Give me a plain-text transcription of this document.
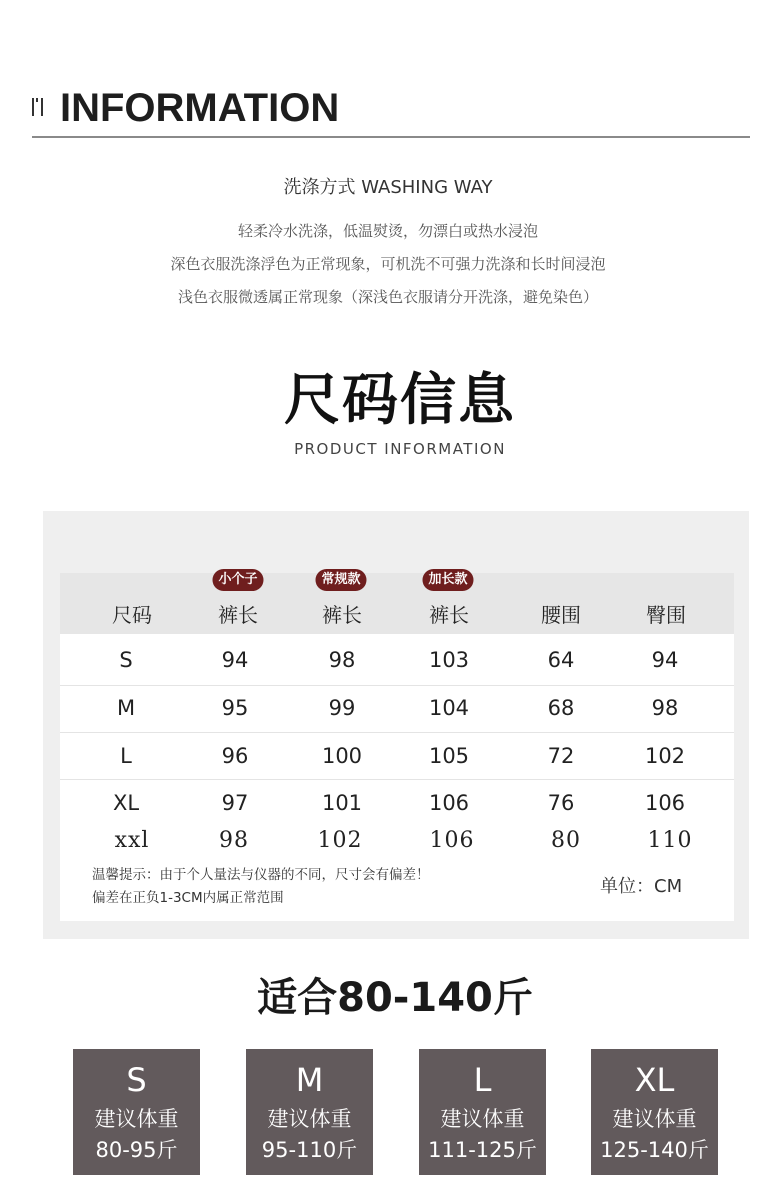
INFORMATION
洗涤方式 WASHING WAY
轻柔冷水洗涤，低温熨烫，勿漂白或热水浸泡
深色衣服洗涤浮色为正常现象，可机洗不可强力洗涤和长时间浸泡
浅色衣服微透属正常现象（深浅色衣服请分开洗涤，避免染色）
尺码信息
PRODUCT INFORMATION
小个子	常规款	加长款
尺码	裤长	裤长	裤长	腰围	臀围
S	94	98	103	64	94
M	95	99	104	68	98
L	96	100	105	72	102
XL	97	101	106	76	106
xxl	98	102	106	80	110
温馨提示：由于个人量法与仪器的不同，尺寸会有偏差！
偏差在正负1-3CM内属正常范围
单位：CM
适合80-140斤
S
建议体重
80-95斤
M
建议体重
95-110斤
L
建议体重
111-125斤
XL
建议体重
125-140斤
